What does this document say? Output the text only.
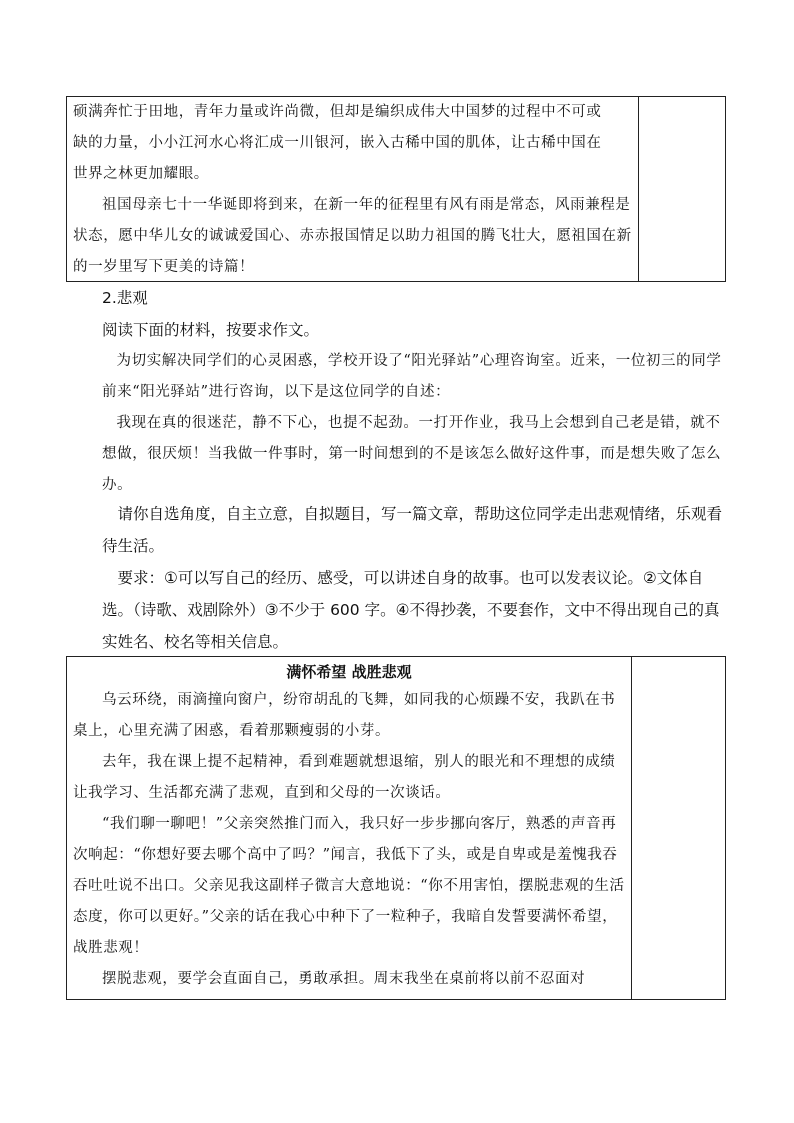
硕满奔忙于田地，青年力量或许尚微，但却是编织成伟大中国梦的过程中不可或

缺的力量，小小江河水心将汇成一川银河，嵌入古稀中国的肌体，让古稀中国在

世界之林更加耀眼。

祖国母亲七十一华诞即将到来，在新一年的征程里有风有雨是常态，风雨兼程是状态，愿中华儿女的诚诚爱国心、赤赤报国情足以助力祖国的腾飞壮大，愿祖国在新的一岁里写下更美的诗篇！

2.悲观

阅读下面的材料，按要求作文。

为切实解决同学们的心灵困惑，学校开设了“阳光驿站”心理咨询室。近来，一位初三的同学前来“阳光驿站”进行咨询，以下是这位同学的自述：

我现在真的很迷茫，静不下心，也提不起劲。一打开作业，我马上会想到自己老是错，就不想做，很厌烦！当我做一件事时，第一时间想到的不是该怎么做好这件事，而是想失败了怎么办。

请你自选角度，自主立意，自拟题目，写一篇文章，帮助这位同学走出悲观情绪，乐观看待生活。

要求：①可以写自己的经历、感受，可以讲述自身的故事。也可以发表议论。②文体自选。（诗歌、戏剧除外）③不少于 600 字。④不得抄袭，不要套作，文中不得出现自己的真实姓名、校名等相关信息。

满怀希望 战胜悲观

乌云环绕，雨滴撞向窗户，纷帘胡乱的飞舞，如同我的心烦躁不安，我趴在书桌上，心里充满了困惑，看着那颗瘦弱的小芽。

去年，我在课上提不起精神，看到难题就想退缩，别人的眼光和不理想的成绩让我学习、生活都充满了悲观，直到和父母的一次谈话。

“我们聊一聊吧！”父亲突然推门而入，我只好一步步挪向客厅，熟悉的声音再次响起：“你想好要去哪个高中了吗？”闻言，我低下了头，或是自卑或是羞愧我吞吞吐吐说不出口。父亲见我这副样子微言大意地说：“你不用害怕，摆脱悲观的生活态度，你可以更好。”父亲的话在我心中种下了一粒种子，我暗自发誓要满怀希望，战胜悲观！

摆脱悲观，要学会直面自己，勇敢承担。周末我坐在桌前将以前不忍面对
